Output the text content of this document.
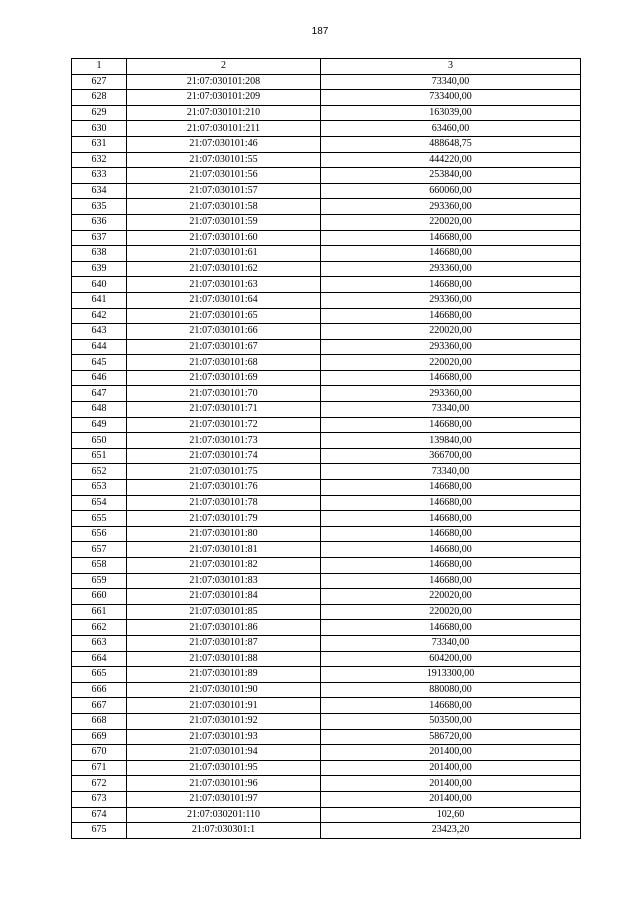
187
1	2	3
627	21:07:030101:208	73340,00
628	21:07:030101:209	733400,00
629	21:07:030101:210	163039,00
630	21:07:030101:211	63460,00
631	21:07:030101:46	488648,75
632	21:07:030101:55	444220,00
633	21:07:030101:56	253840,00
634	21:07:030101:57	660060,00
635	21:07:030101:58	293360,00
636	21:07:030101:59	220020,00
637	21:07:030101:60	146680,00
638	21:07:030101:61	146680,00
639	21:07:030101:62	293360,00
640	21:07:030101:63	146680,00
641	21:07:030101:64	293360,00
642	21:07:030101:65	146680,00
643	21:07:030101:66	220020,00
644	21:07:030101:67	293360,00
645	21:07:030101:68	220020,00
646	21:07:030101:69	146680,00
647	21:07:030101:70	293360,00
648	21:07:030101:71	73340,00
649	21:07:030101:72	146680,00
650	21:07:030101:73	139840,00
651	21:07:030101:74	366700,00
652	21:07:030101:75	73340,00
653	21:07:030101:76	146680,00
654	21:07:030101:78	146680,00
655	21:07:030101:79	146680,00
656	21:07:030101:80	146680,00
657	21:07:030101:81	146680,00
658	21:07:030101:82	146680,00
659	21:07:030101:83	146680,00
660	21:07:030101:84	220020,00
661	21:07:030101:85	220020,00
662	21:07:030101:86	146680,00
663	21:07:030101:87	73340,00
664	21:07:030101:88	604200,00
665	21:07:030101:89	1913300,00
666	21:07:030101:90	880080,00
667	21:07:030101:91	146680,00
668	21:07:030101:92	503500,00
669	21:07:030101:93	586720,00
670	21:07:030101:94	201400,00
671	21:07:030101:95	201400,00
672	21:07:030101:96	201400,00
673	21:07:030101:97	201400,00
674	21:07:030201:110	102,60
675	21:07:030301:1	23423,20
